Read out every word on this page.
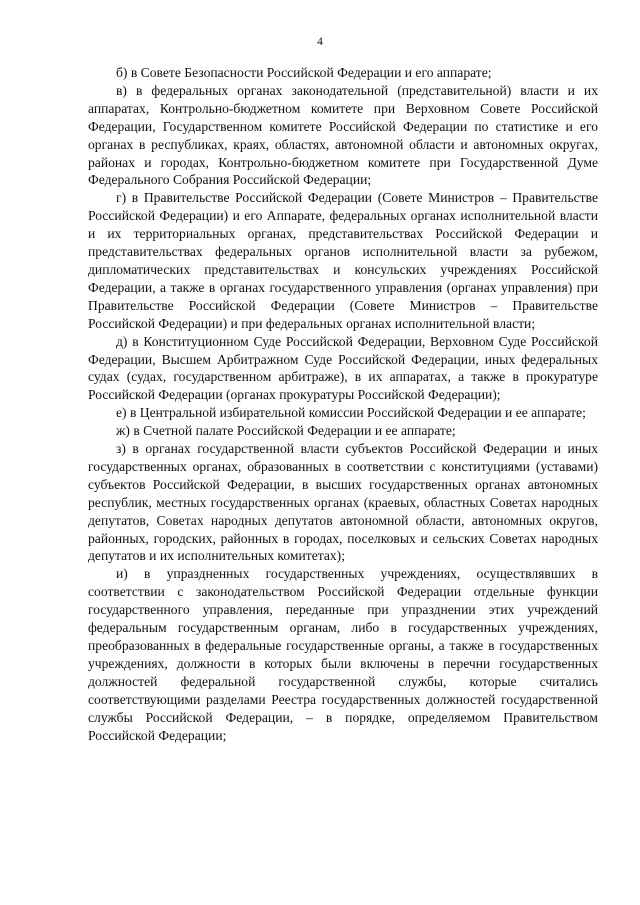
4

б) в Совете Безопасности Российской Федерации и его аппарате;

в) в федеральных органах законодательной (представительной) власти и их аппаратах, Контрольно-бюджетном комитете при Верховном Совете Российской Федерации, Государственном комитете Российской Федерации по статистике и его органах в республиках, краях, областях, автономной области и автономных округах, районах и городах, Контрольно-бюджетном комитете при Государственной Думе Федерального Собрания Российской Федерации;

г) в Правительстве Российской Федерации (Совете Министров – Правительстве Российской Федерации) и его Аппарате, федеральных органах исполнительной власти и их территориальных органах, представительствах Российской Федерации и представительствах федеральных органов исполнительной власти за рубежом, дипломатических представительствах и консульских учреждениях Российской Федерации, а также в органах государственного управления (органах управления) при Правительстве Российской Федерации (Совете Министров – Правительстве Российской Федерации) и при федеральных органах исполнительной власти;

д) в Конституционном Суде Российской Федерации, Верховном Суде Российской Федерации, Высшем Арбитражном Суде Российской Федерации, иных федеральных судах (судах, государственном арбитраже), в их аппаратах, а также в прокуратуре Российской Федерации (органах прокуратуры Российской Федерации);

е) в Центральной избирательной комиссии Российской Федерации и ее аппарате;

ж) в Счетной палате Российской Федерации и ее аппарате;

з) в органах государственной власти субъектов Российской Федерации и иных государственных органах, образованных в соответствии с конституциями (уставами) субъектов Российской Федерации, в высших государственных органах автономных республик, местных государственных органах (краевых, областных Советах народных депутатов, Советах народных депутатов автономной области, автономных округов, районных, городских, районных в городах, поселковых и сельских Советах народных депутатов и их исполнительных комитетах);

и) в упраздненных государственных учреждениях, осуществлявших в соответствии с законодательством Российской Федерации отдельные функции государственного управления, переданные при упразднении этих учреждений федеральным государственным органам, либо в государственных учреждениях, преобразованных в федеральные государственные органы, а также в государственных учреждениях, должности в которых были включены в перечни государственных должностей федеральной государственной службы, которые считались соответствующими разделами Реестра государственных должностей государственной службы Российской Федерации, – в порядке, определяемом Правительством Российской Федерации;
